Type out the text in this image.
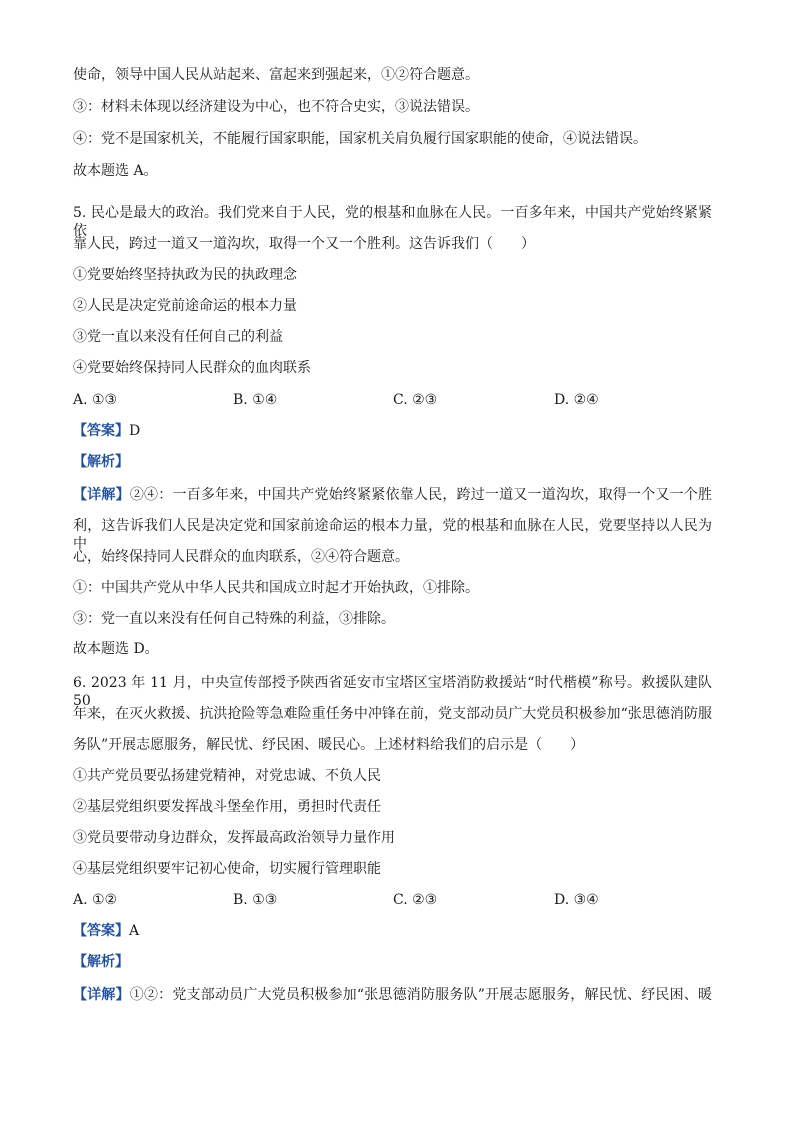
使命，领导中国人民从站起来、富起来到强起来，①②符合题意。
③：材料未体现以经济建设为中心，也不符合史实，③说法错误。
④：党不是国家机关，不能履行国家职能，国家机关肩负履行国家职能的使命，④说法错误。
故本题选 A。
5. 民心是最大的政治。我们党来自于人民，党的根基和血脉在人民。一百多年来，中国共产党始终紧紧依
靠人民，跨过一道又一道沟坎，取得一个又一个胜利。这告诉我们（　　）
①党要始终坚持执政为民的执政理念
②人民是决定党前途命运的根本力量
③党一直以来没有任何自己的利益
④党要始终保持同人民群众的血肉联系
A. ①③	B. ①④	C. ②③	D. ②④
【答案】D
【解析】
【详解】②④：一百多年来，中国共产党始终紧紧依靠人民，跨过一道又一道沟坎，取得一个又一个胜
利，这告诉我们人民是决定党和国家前途命运的根本力量，党的根基和血脉在人民，党要坚持以人民为中
心，始终保持同人民群众的血肉联系，②④符合题意。
①：中国共产党从中华人民共和国成立时起才开始执政，①排除。
③：党一直以来没有任何自己特殊的利益，③排除。
故本题选 D。
6. 2023 年 11 月，中央宣传部授予陕西省延安市宝塔区宝塔消防救援站“时代楷模”称号。救援队建队 50
年来，在灭火救援、抗洪抢险等急难险重任务中冲锋在前，党支部动员广大党员积极参加“张思德消防服
务队”开展志愿服务，解民忧、纾民困、暖民心。上述材料给我们的启示是（　　）
①共产党员要弘扬建党精神，对党忠诚、不负人民
②基层党组织要发挥战斗堡垒作用，勇担时代责任
③党员要带动身边群众，发挥最高政治领导力量作用
④基层党组织要牢记初心使命，切实履行管理职能
A. ①②	B. ①③	C. ②③	D. ③④
【答案】A
【解析】
【详解】①②：党支部动员广大党员积极参加“张思德消防服务队”开展志愿服务，解民忧、纾民困、暖
